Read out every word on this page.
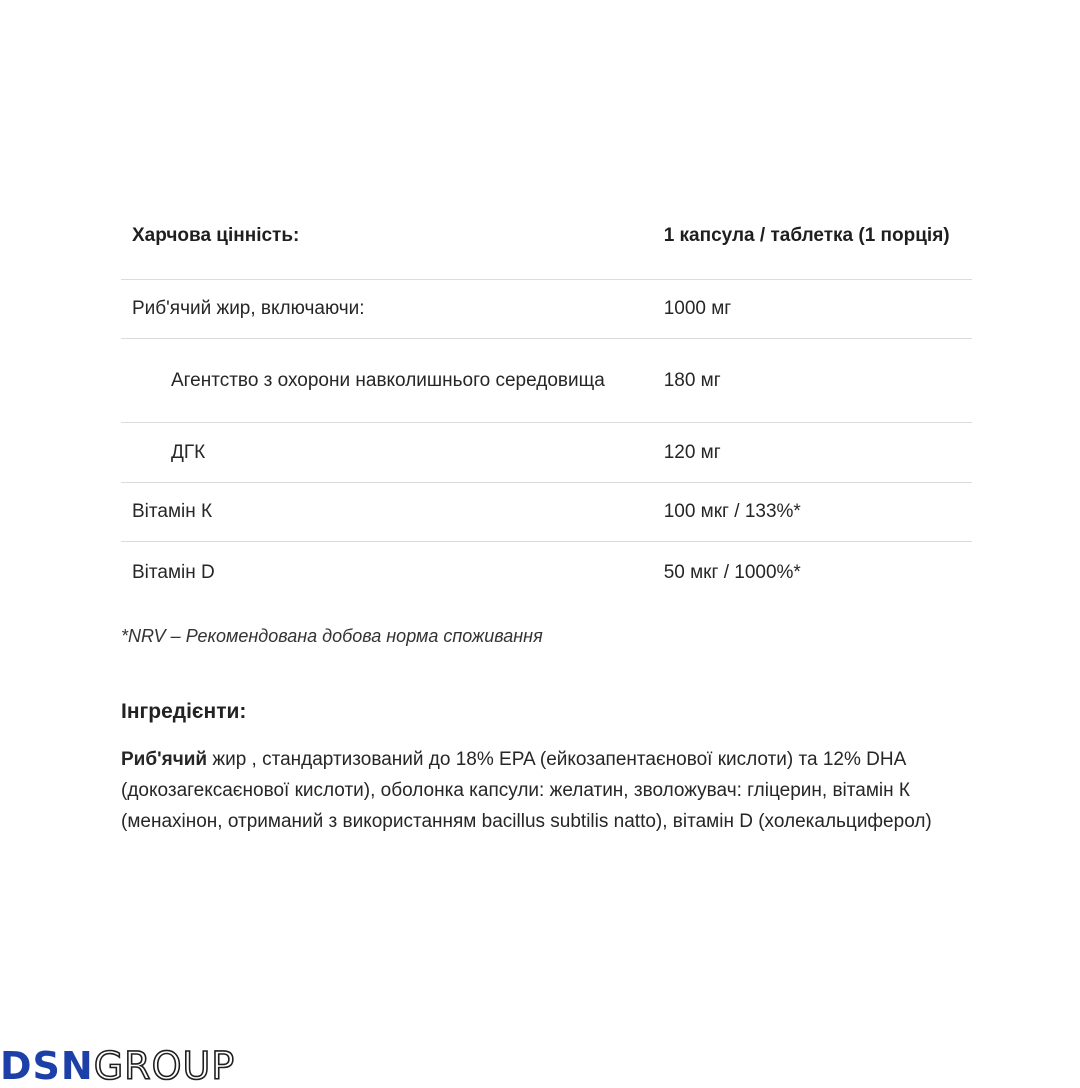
Харчова цінність:	1 капсула / таблетка (1 порція)
Риб'ячий жир, включаючи:	1000 мг
Агентство з охорони навколишнього середовища	180 мг
ДГК	120 мг
Вітамін К	100 мкг / 133%*
Вітамін D	50 мкг / 1000%*
*NRV – Рекомендована добова норма споживання
Інгредієнти:
Риб'ячий жир , стандартизований до 18% EPA (ейкозапентаєнової кислоти) та 12% DHA (докозагексаєнової кислоти), оболонка капсули: желатин, зволожувач: гліцерин, вітамін К (менахінон, отриманий з використанням bacillus subtilis natto), вітамін D (холекальциферол)
DSNGROUP
